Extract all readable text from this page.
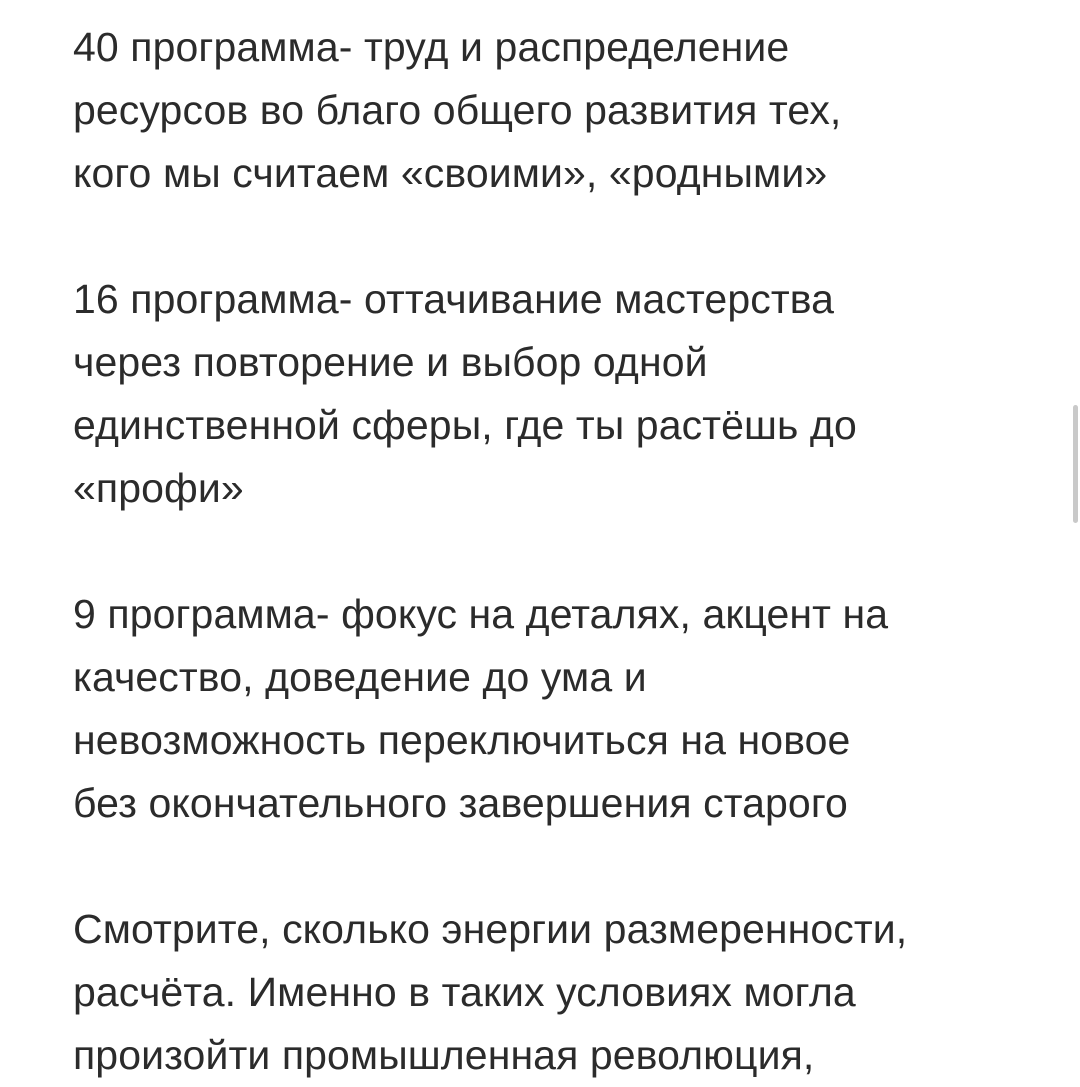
40 программа- труд и распределение
ресурсов во благо общего развития тех,
кого мы считаем «своими», «родными»
16 программа- оттачивание мастерства
через повторение и выбор одной
единственной сферы, где ты растёшь до
«профи»
9 программа- фокус на деталях, акцент на
качество, доведение до ума и
невозможность переключиться на новое
без окончательного завершения старого
Смотрите, сколько энергии размеренности,
расчёта. Именно в таких условиях могла
произойти промышленная революция,
